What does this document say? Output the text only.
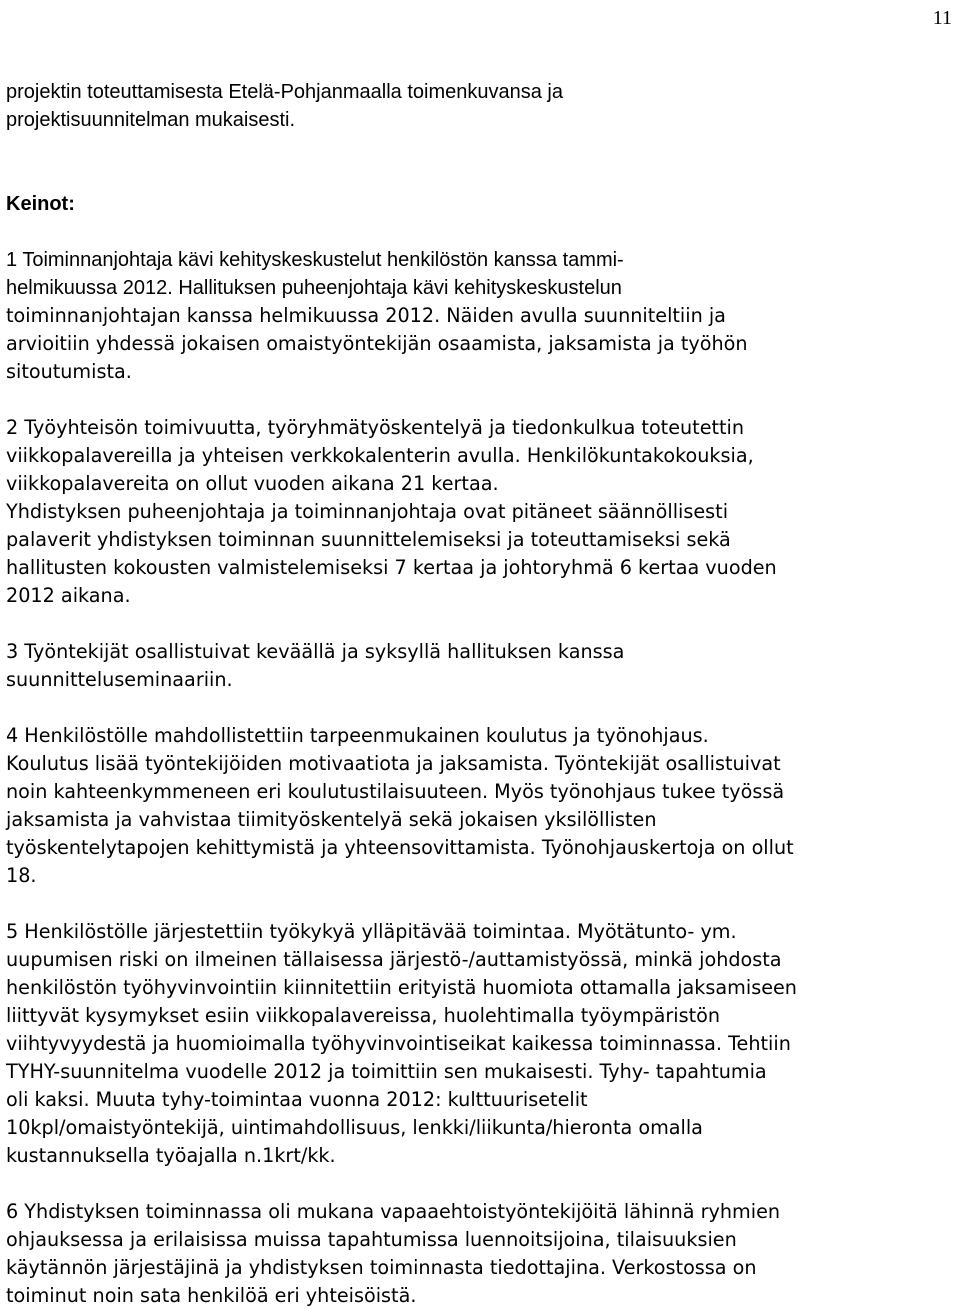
11
projektin toteuttamisesta Etelä-Pohjanmaalla toimenkuvansa ja
projektisuunnitelman mukaisesti.
Keinot:
1 Toiminnanjohtaja kävi kehityskeskustelut henkilöstön kanssa tammi-
helmikuussa 2012. Hallituksen puheenjohtaja kävi kehityskeskustelun
toiminnanjohtajan kanssa helmikuussa 2012. Näiden avulla suunniteltiin ja
arvioitiin yhdessä jokaisen omaistyöntekijän osaamista, jaksamista ja työhön
sitoutumista.
2 Työyhteisön toimivuutta, työryhmätyöskentelyä ja tiedonkulkua toteutettin
viikkopalavereilla ja yhteisen verkkokalenterin avulla. Henkilökuntakokouksia,
viikkopalavereita on ollut vuoden aikana 21 kertaa.
Yhdistyksen puheenjohtaja ja toiminnanjohtaja ovat pitäneet säännöllisesti
palaverit yhdistyksen toiminnan suunnittelemiseksi ja toteuttamiseksi sekä
hallitusten kokousten valmistelemiseksi 7 kertaa ja johtoryhmä 6 kertaa vuoden
2012 aikana.
3 Työntekijät osallistuivat keväällä ja syksyllä hallituksen kanssa
suunnitteluseminaariin.
4 Henkilöstölle mahdollistettiin tarpeenmukainen koulutus ja työnohjaus.
Koulutus lisää työntekijöiden motivaatiota ja jaksamista. Työntekijät osallistuivat
noin kahteenkymmeneen eri koulutustilaisuuteen. Myös työnohjaus tukee työssä
jaksamista ja vahvistaa tiimityöskentelyä sekä jokaisen yksilöllisten
työskentelytapojen kehittymistä ja yhteensovittamista. Työnohjauskertoja on ollut
18.
5 Henkilöstölle järjestettiin työkykyä ylläpitävää toimintaa. Myötätunto- ym.
uupumisen riski on ilmeinen tällaisessa järjestö-/auttamistyössä, minkä johdosta
henkilöstön työhyvinvointiin kiinnitettiin erityistä huomiota ottamalla jaksamiseen
liittyvät kysymykset esiin viikkopalavereissa, huolehtimalla työympäristön
viihtyvyydestä ja huomioimalla työhyvinvointiseikat kaikessa toiminnassa. Tehtiin
TYHY-suunnitelma vuodelle 2012 ja toimittiin sen mukaisesti. Tyhy- tapahtumia
oli kaksi. Muuta tyhy-toimintaa vuonna 2012: kulttuurisetelit
10kpl/omaistyöntekijä, uintimahdollisuus, lenkki/liikunta/hieronta omalla
kustannuksella työajalla n.1krt/kk.
6 Yhdistyksen toiminnassa oli mukana vapaaehtoistyöntekijöitä lähinnä ryhmien
ohjauksessa ja erilaisissa muissa tapahtumissa luennoitsijoina, tilaisuuksien
käytännön järjestäjinä ja yhdistyksen toiminnasta tiedottajina. Verkostossa on
toiminut noin sata henkilöä eri yhteisöistä.
